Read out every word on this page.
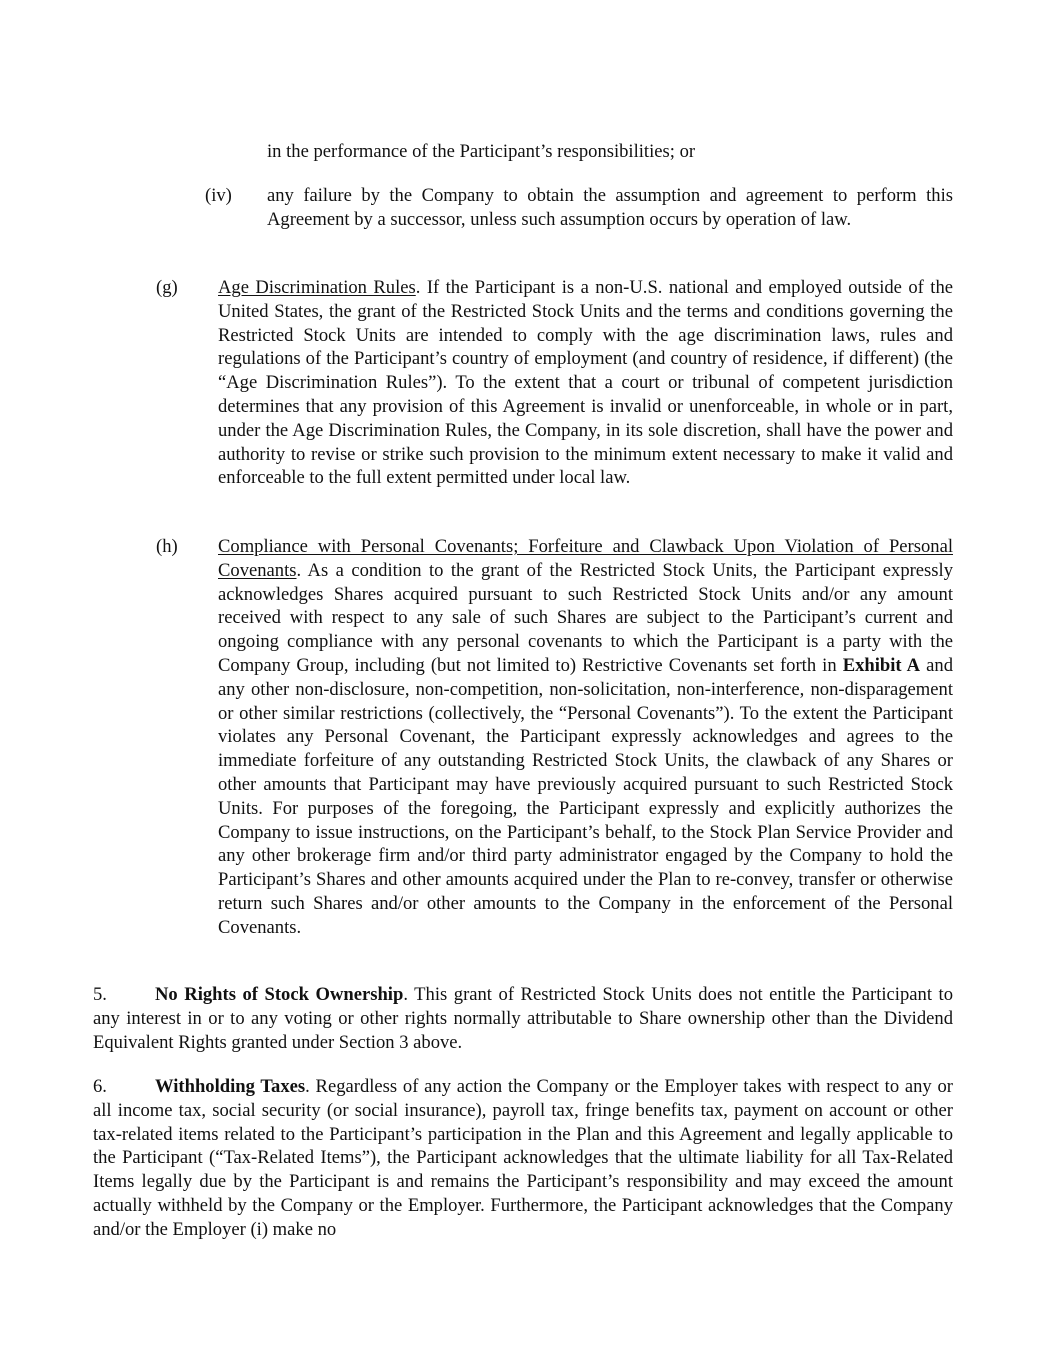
in the performance of the Participant’s responsibilities; or

(iv) any failure by the Company to obtain the assumption and agreement to perform this Agreement by a successor, unless such assumption occurs by operation of law.

(g) Age Discrimination Rules. If the Participant is a non-U.S. national and employed outside of the United States, the grant of the Restricted Stock Units and the terms and conditions governing the Restricted Stock Units are intended to comply with the age discrimination laws, rules and regulations of the Participant’s country of employment (and country of residence, if different) (the “Age Discrimination Rules”). To the extent that a court or tribunal of competent jurisdiction determines that any provision of this Agreement is invalid or unenforceable, in whole or in part, under the Age Discrimination Rules, the Company, in its sole discretion, shall have the power and authority to revise or strike such provision to the minimum extent necessary to make it valid and enforceable to the full extent permitted under local law.

(h) Compliance with Personal Covenants; Forfeiture and Clawback Upon Violation of Personal Covenants. As a condition to the grant of the Restricted Stock Units, the Participant expressly acknowledges Shares acquired pursuant to such Restricted Stock Units and/or any amount received with respect to any sale of such Shares are subject to the Participant’s current and ongoing compliance with any personal covenants to which the Participant is a party with the Company Group, including (but not limited to) Restrictive Covenants set forth in Exhibit A and any other non-disclosure, non-competition, non-solicitation, non-interference, non-disparagement or other similar restrictions (collectively, the “Personal Covenants”). To the extent the Participant violates any Personal Covenant, the Participant expressly acknowledges and agrees to the immediate forfeiture of any outstanding Restricted Stock Units, the clawback of any Shares or other amounts that Participant may have previously acquired pursuant to such Restricted Stock Units. For purposes of the foregoing, the Participant expressly and explicitly authorizes the Company to issue instructions, on the Participant’s behalf, to the Stock Plan Service Provider and any other brokerage firm and/or third party administrator engaged by the Company to hold the Participant’s Shares and other amounts acquired under the Plan to re-convey, transfer or otherwise return such Shares and/or other amounts to the Company in the enforcement of the Personal Covenants.

5.	No Rights of Stock Ownership. This grant of Restricted Stock Units does not entitle the Participant to any interest in or to any voting or other rights normally attributable to Share ownership other than the Dividend Equivalent Rights granted under Section 3 above.

6.	Withholding Taxes. Regardless of any action the Company or the Employer takes with respect to any or all income tax, social security (or social insurance), payroll tax, fringe benefits tax, payment on account or other tax-related items related to the Participant’s participation in the Plan and this Agreement and legally applicable to the Participant (“Tax-Related Items”), the Participant acknowledges that the ultimate liability for all Tax-Related Items legally due by the Participant is and remains the Participant’s responsibility and may exceed the amount actually withheld by the Company or the Employer. Furthermore, the Participant acknowledges that the Company and/or the Employer (i) make no
